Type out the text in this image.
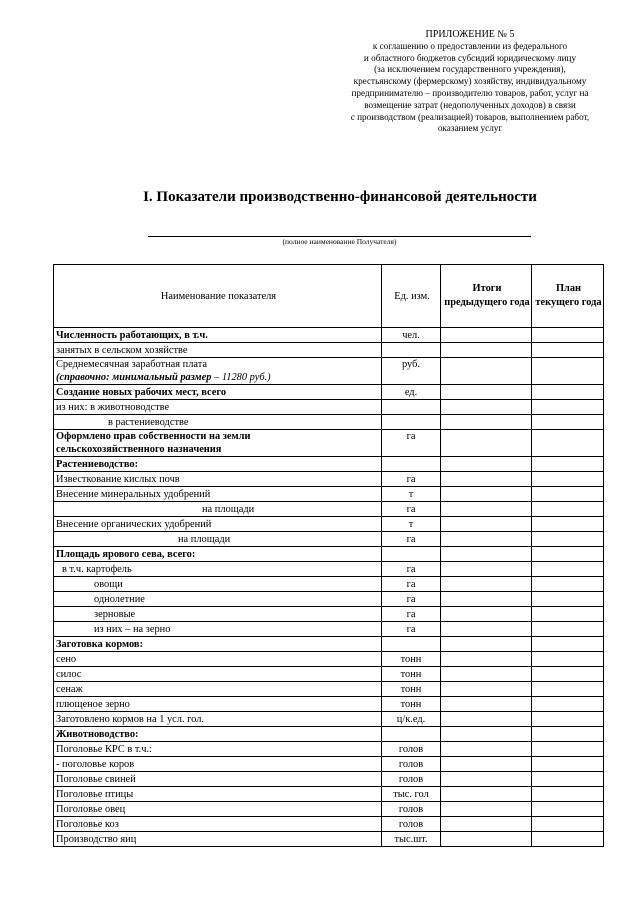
ПРИЛОЖЕНИЕ № 5
к соглашению о предоставлении из федерального
и областного бюджетов субсидий юридическому лицу
(за исключением государственного учреждения),
крестьянскому (фермерскому) хозяйству, индивидуальному
предпринимателю – производителю товаров, работ, услуг на
возмещение затрат (недополученных доходов) в связи
с производством (реализацией) товаров, выполнением работ,
оказанием услуг
I. Показатели производственно-финансовой деятельности
(полное наименование Получателя)
Наименование показателя	Ед. изм.	Итоги предыдущего года	План текущего года
Численность работающих, в т.ч.	чел.		
занятых в сельском хозяйстве			

Среднемесячная заработная плата
(справочно: минимальный размер – 11280 руб.)	руб.		
Создание новых рабочих мест, всего	ед.		
из них: в животноводстве			
в растениеводстве			

Оформлено прав собственности на земли
сельскохозяйственного назначения	га		
Растениеводство:			
Известкование кислых почв	га		
Внесение минеральных удобрений	т		
на площади	га		
Внесение органических удобрений	т		
на площади	га		
Площадь ярового сева, всего:			
в т.ч. картофель	га		
овощи	га		
однолетние	га		
зерновые	га		
из них – на зерно	га		
Заготовка кормов:			
сено	тонн		
силос	тонн		
сенаж	тонн		
плющеное зерно	тонн		
Заготовлено кормов на 1 усл. гол.	ц/к.ед.		
Животноводство:			
Поголовье КРС в т.ч.:	голов		
- поголовье коров	голов		
Поголовье свиней	голов		
Поголовье птицы	тыс. гол		
Поголовье овец	голов		
Поголовье коз	голов		
Производство яиц	тыс.шт.		
